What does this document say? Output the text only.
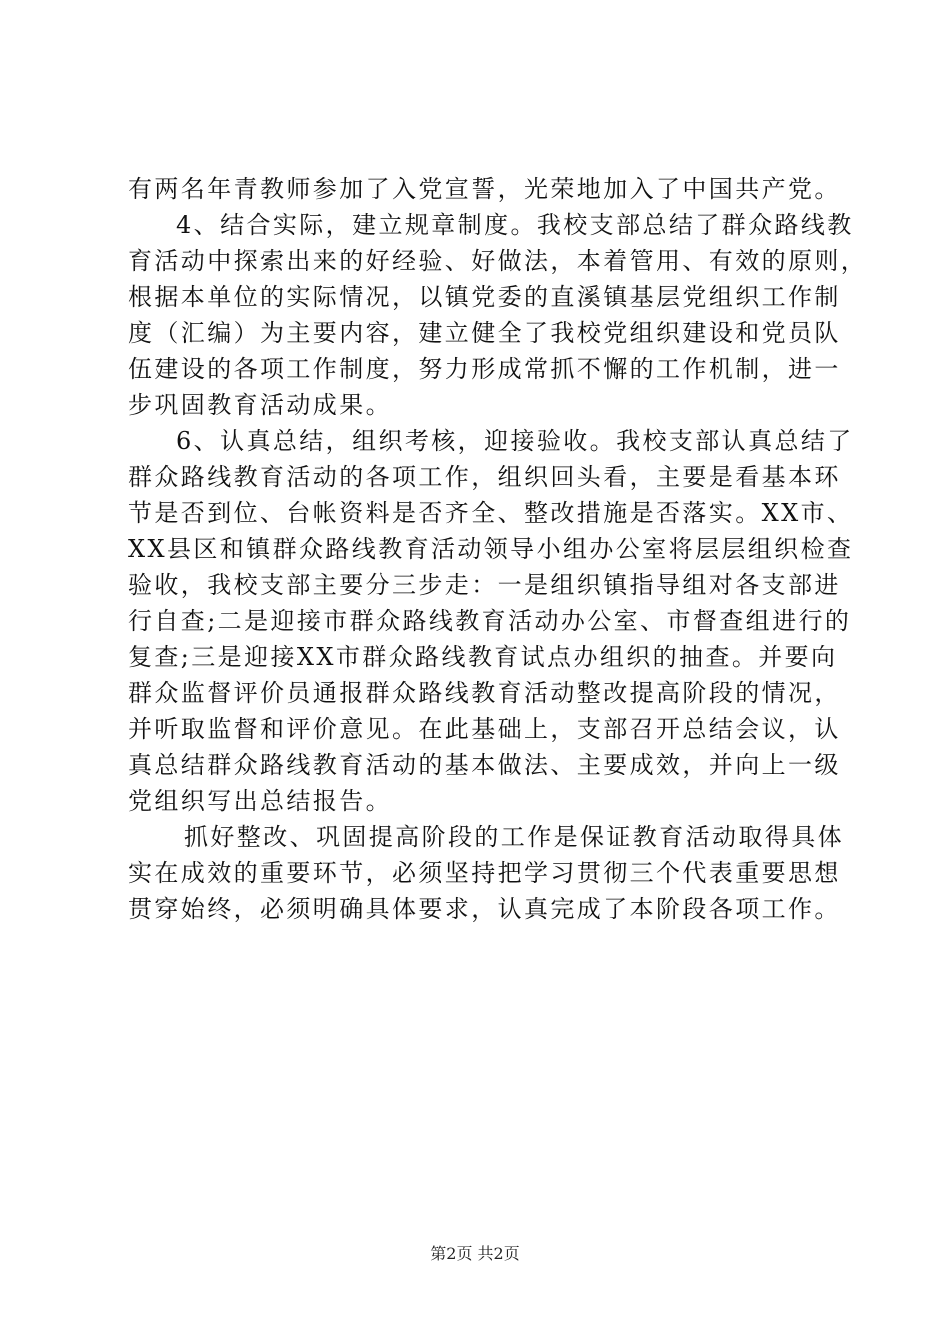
有两名年青教师参加了入党宣誓，光荣地加入了中国共产党。
4、结合实际，建立规章制度。我校支部总结了群众路线教
育活动中探索出来的好经验、好做法，本着管用、有效的原则，
根据本单位的实际情况，以镇党委的直溪镇基层党组织工作制
度（汇编）为主要内容，建立健全了我校党组织建设和党员队
伍建设的各项工作制度，努力形成常抓不懈的工作机制，进一
步巩固教育活动成果。
6、认真总结，组织考核，迎接验收。我校支部认真总结了
群众路线教育活动的各项工作，组织回头看，主要是看基本环
节是否到位、台帐资料是否齐全、整改措施是否落实。XX市、
XX县区和镇群众路线教育活动领导小组办公室将层层组织检查
验收，我校支部主要分三步走：一是组织镇指导组对各支部进
行自查;二是迎接市群众路线教育活动办公室、市督查组进行的
复查;三是迎接XX市群众路线教育试点办组织的抽查。并要向
群众监督评价员通报群众路线教育活动整改提高阶段的情况，
并听取监督和评价意见。在此基础上，支部召开总结会议，认
真总结群众路线教育活动的基本做法、主要成效，并向上一级
党组织写出总结报告。
抓好整改、巩固提高阶段的工作是保证教育活动取得具体
实在成效的重要环节，必须坚持把学习贯彻三个代表重要思想
贯穿始终，必须明确具体要求，认真完成了本阶段各项工作。
第2页 共2页
